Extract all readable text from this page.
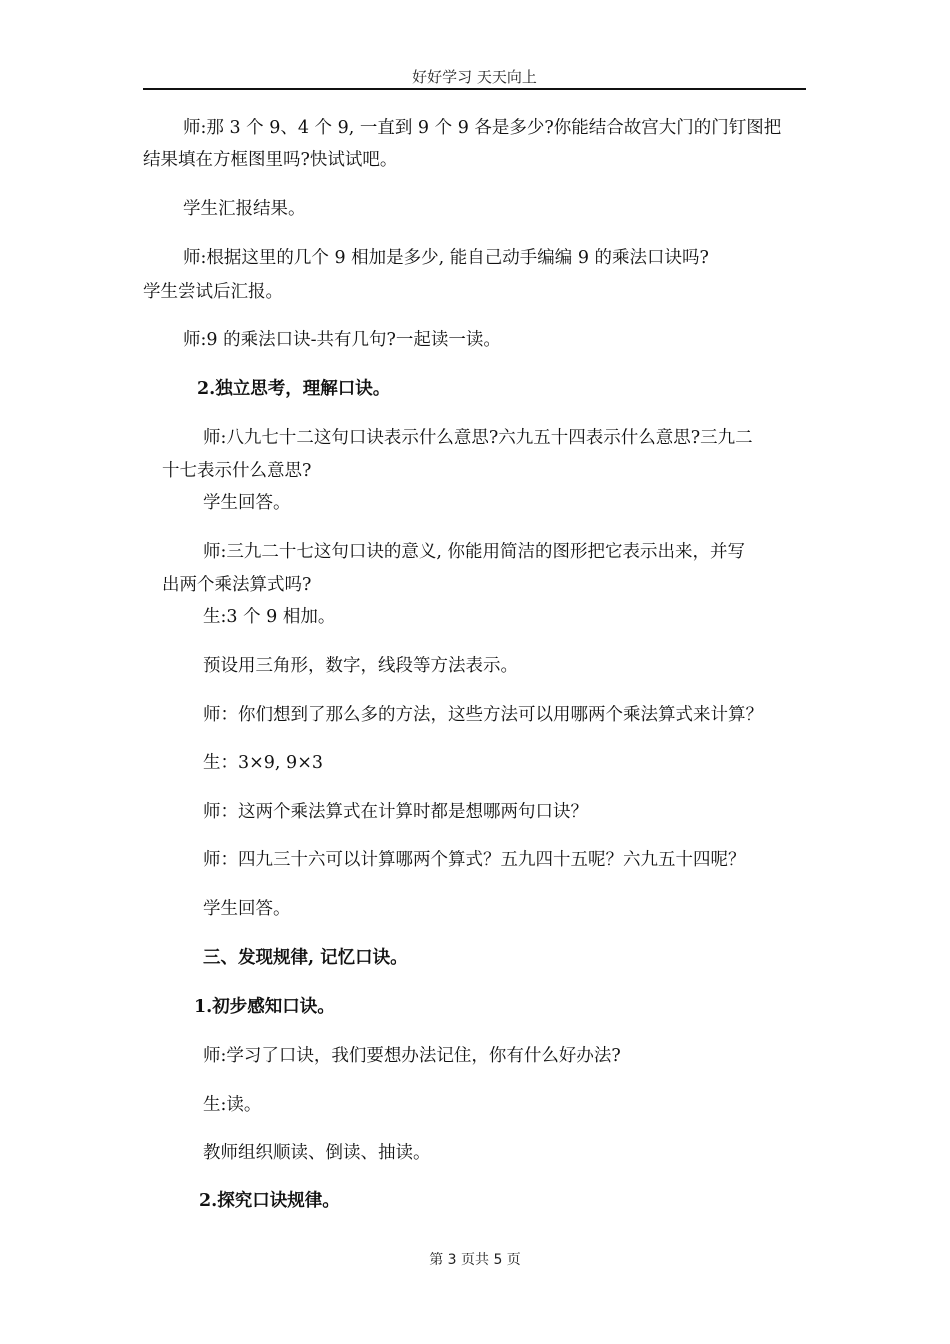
好好学习 天天向上
师:那 3 个 9、4 个 9, 一直到 9 个 9 各是多少?你能结合故宫大门的门钉图把
结果填在方框图里吗?快试试吧。
学生汇报结果。
师:根据这里的几个 9 相加是多少, 能自己动手编编 9 的乘法口诀吗?
学生尝试后汇报。
师:9 的乘法口诀-共有几句?一起读一读。
2.独立思考，理解口诀。
师:八九七十二这句口诀表示什么意思?六九五十四表示什么意思?三九二
十七表示什么意思?
学生回答。
师:三九二十七这句口诀的意义, 你能用简洁的图形把它表示出来，并写
出两个乘法算式吗?
生:3 个 9 相加。
预设用三角形，数字，线段等方法表示。
师：你们想到了那么多的方法，这些方法可以用哪两个乘法算式来计算？
生：3×9, 9×3
师：这两个乘法算式在计算时都是想哪两句口诀？
师：四九三十六可以计算哪两个算式？五九四十五呢？六九五十四呢？
学生回答。
三、发现规律, 记忆口诀。
1.初步感知口诀。
师:学习了口诀，我们要想办法记住，你有什么好办法?
生:读。
教师组织顺读、倒读、抽读。
2.探究口诀规律。
第 3 页共 5 页
